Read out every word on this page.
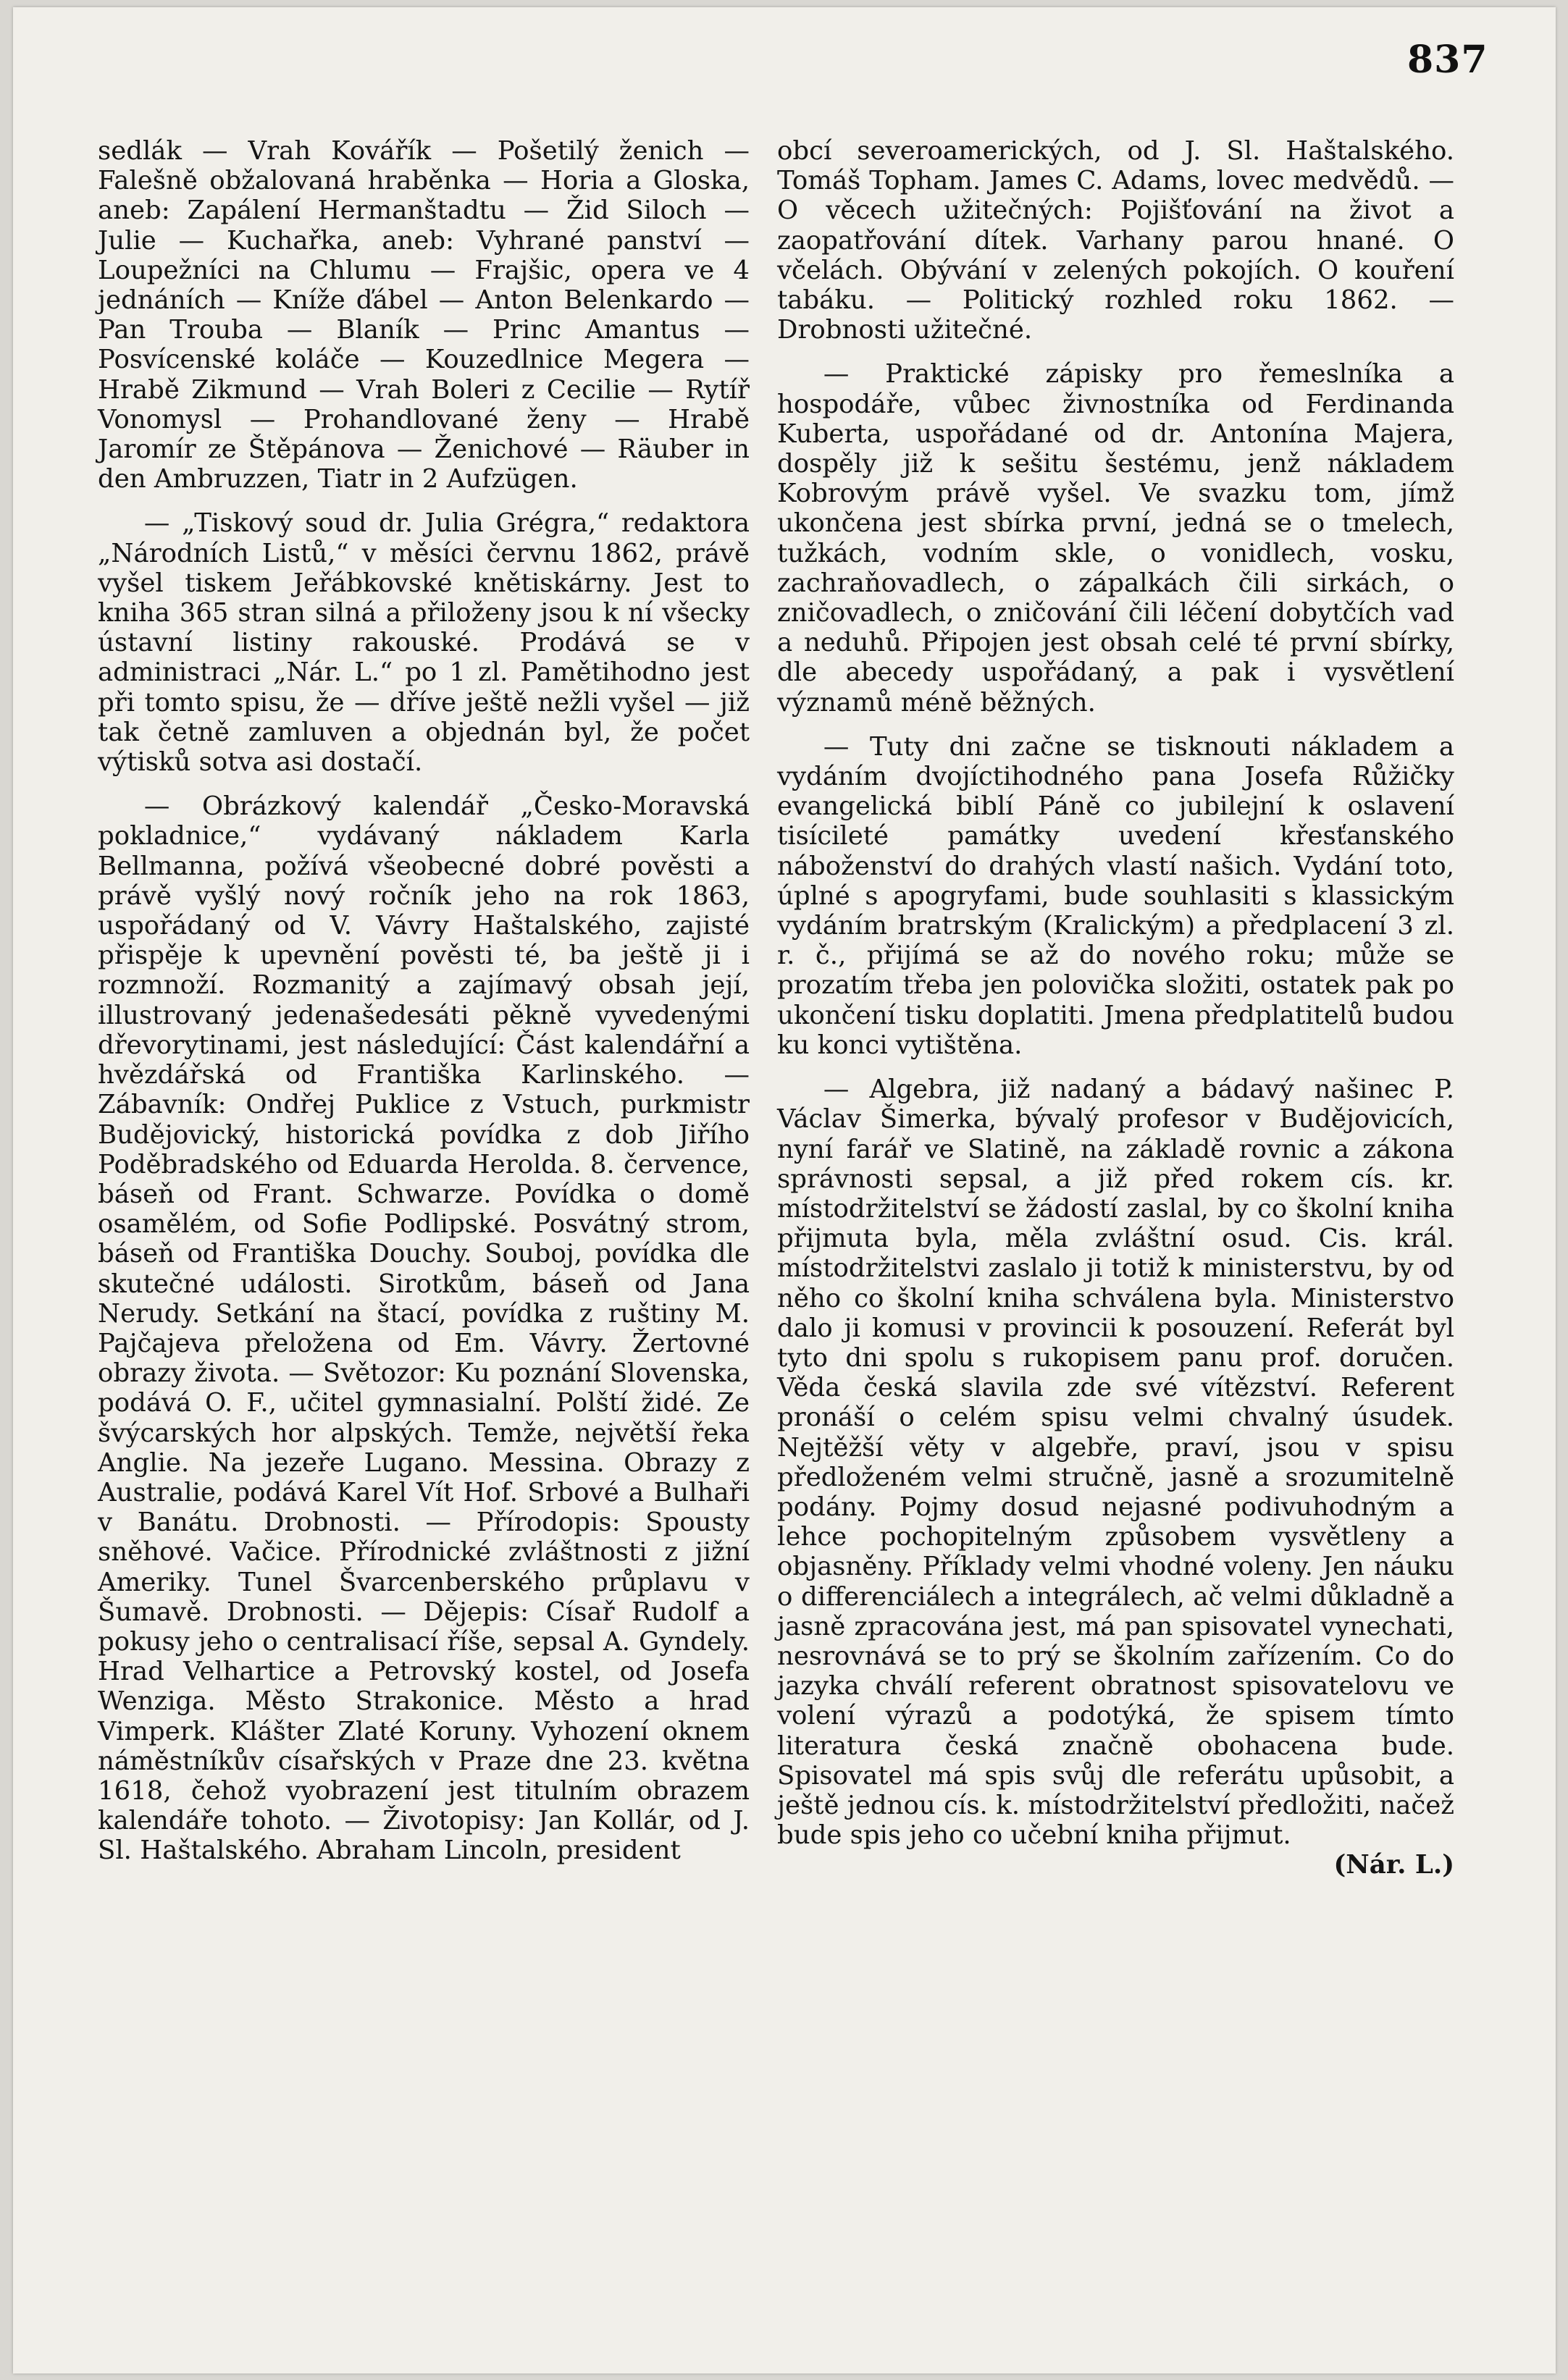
837

sedlák — Vrah Kovářík — Pošetilý ženich — Falešně obžalovaná hraběnka — Horia a Gloska, aneb: Zapálení Hermanštadtu — Žid Siloch — Julie — Kuchařka, aneb: Vyhrané panství — Loupežníci na Chlumu — Frajšic, opera ve 4 jednáních — Kníže ďábel — Anton Belenkardo — Pan Trouba — Blaník — Princ Amantus — Posvícenské koláče — Kouzedlnice Megera — Hrabě Zikmund — Vrah Boleri z Cecilie — Rytíř Vonomysl — Prohandlované ženy — Hrabě Jaromír ze Štěpánova — Ženichové — Räuber in den Ambruzzen, Tiatr in 2 Aufzügen.

— „Tiskový soud dr. Julia Grégra,“ redaktora „Národních Listů,“ v měsíci červnu 1862, právě vyšel tiskem Jeřábkovské knětiskárny. Jest to kniha 365 stran silná a přiloženy jsou k ní všecky ústavní listiny rakouské. Prodává se v administraci „Nár. L.“ po 1 zl. Pamětihodno jest při tomto spisu, že — dříve ještě nežli vyšel — již tak četně zamluven a objednán byl, že počet výtisků sotva asi dostačí.

— Obrázkový kalendář „Česko-Moravská pokladnice,“ vydávaný nákladem Karla Bellmanna, požívá všeobecné dobré pověsti a právě vyšlý nový ročník jeho na rok 1863, uspořádaný od V. Vávry Haštalského, zajisté přispěje k upevnění pověsti té, ba ještě ji i rozmnoží. Rozmanitý a zajímavý obsah její, illustrovaný jedenašedesáti pěkně vyvedenými dřevorytinami, jest následující: Část kalendářní a hvězdářská od Františka Karlinského. — Zábavník: Ondřej Puklice z Vstuch, purkmistr Budějovický, historická povídka z dob Jiřího Poděbradského od Eduarda Herolda. 8. července, báseň od Frant. Schwarze. Povídka o domě osamělém, od Sofie Podlipské. Posvátný strom, báseň od Františka Douchy. Souboj, povídka dle skutečné události. Sirotkům, báseň od Jana Nerudy. Setkání na štací, povídka z ruštiny M. Pajčajeva přeložena od Em. Vávry. Žertovné obrazy života. — Světozor: Ku poznání Slovenska, podává O. F., učitel gymnasialní. Polští židé. Ze švýcarských hor alpských. Temže, největší řeka Anglie. Na jezeře Lugano. Messina. Obrazy z Australie, podává Karel Vít Hof. Srbové a Bulhaři v Banátu. Drobnosti. — Přírodopis: Spousty sněhové. Vačice. Přírodnické zvláštnosti z jižní Ameriky. Tunel Švarcenberského průplavu v Šumavě. Drobnosti. — Dějepis: Císař Rudolf a pokusy jeho o centralisací říše, sepsal A. Gyndely. Hrad Velhartice a Petrovský kostel, od Josefa Wenziga. Město Strakonice. Město a hrad Vimperk. Klášter Zlaté Koruny. Vyhození oknem náměstníkův císařských v Praze dne 23. května 1618, čehož vyobrazení jest titulním obrazem kalendáře tohoto. — Životopisy: Jan Kollár, od J. Sl. Haštalského. Abraham Lincoln, president

obcí severoamerických, od J. Sl. Haštalského. Tomáš Topham. James C. Adams, lovec medvědů. — O věcech užitečných: Pojišťování na život a zaopatřování dítek. Varhany parou hnané. O včelách. Obývání v zelených pokojích. O kouření tabáku. — Politický rozhled roku 1862. — Drobnosti užitečné.

— Praktické zápisky pro řemeslníka a hospodáře, vůbec živnostníka od Ferdinanda Kuberta, uspořádané od dr. Antonína Majera, dospěly již k sešitu šestému, jenž nákladem Kobrovým právě vyšel. Ve svazku tom, jímž ukončena jest sbírka první, jedná se o tmelech, tužkách, vodním skle, o vonidlech, vosku, zachraňovadlech, o zápalkách čili sirkách, o zničovadlech, o zničování čili léčení dobytčích vad a neduhů. Připojen jest obsah celé té první sbírky, dle abecedy uspořádaný, a pak i vysvětlení významů méně běžných.

— Tuty dni začne se tisknouti nákladem a vydáním dvojíctihodného pana Josefa Růžičky evangelická biblí Páně co jubilejní k oslavení tisícileté památky uvedení křesťanského náboženství do drahých vlastí našich. Vydání toto, úplné s apogryfami, bude souhlasiti s klassickým vydáním bratrským (Kralickým) a předplacení 3 zl. r. č., přijímá se až do nového roku; může se prozatím třeba jen polovička složiti, ostatek pak po ukončení tisku doplatiti. Jmena předplatitelů budou ku konci vytištěna.

— Algebra, již nadaný a bádavý našinec P. Václav Šimerka, bývalý profesor v Budějovicích, nyní farář ve Slatině, na základě rovnic a zákona správnosti sepsal, a již před rokem cís. kr. místodržitelství se žádostí zaslal, by co školní kniha přijmuta byla, měla zvláštní osud. Cis. král. místodržitelstvi zaslalo ji totiž k ministerstvu, by od něho co školní kniha schválena byla. Ministerstvo dalo ji komusi v provincii k posouzení. Referát byl tyto dni spolu s rukopisem panu prof. doručen. Věda česká slavila zde své vítězství. Referent pronáší o celém spisu velmi chvalný úsudek. Nejtěžší věty v algebře, praví, jsou v spisu předloženém velmi stručně, jasně a srozumitelně podány. Pojmy dosud nejasné podivuhodným a lehce pochopitelným způsobem vysvětleny a objasněny. Příklady velmi vhodné voleny. Jen náuku o differenciálech a integrálech, ač velmi důkladně a jasně zpracována jest, má pan spisovatel vynechati, nesrovnává se to prý se školním zařízením. Co do jazyka chválí referent obratnost spisovatelovu ve volení výrazů a podotýká, že spisem tímto literatura česká značně obohacena bude. Spisovatel má spis svůj dle referátu upůsobit, a ještě jednou cís. k. místodržitelství předložiti, načež bude spis jeho co učební kniha přijmut.
(Nár. L.)
